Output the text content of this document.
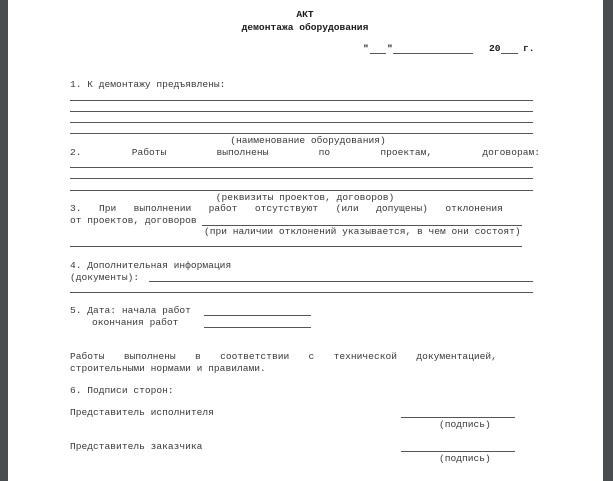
АКТ
демонтажа оборудования
" "	20 г.
1. К демонтажу предъявлены:
(наименование оборудования)
2.	Работы	выполнены	по	проектам,	договорам:
(реквизиты проектов, договоров)
3. При выполнении работ отсутствуют (или допущены) отклонения
от проектов, договоров
(при наличии отклонений указывается, в чем они состоят)
4. Дополнительная информация
(документы):
5. Дата: начала работ
окончания работ
Работы выполнены в соответствии с технической документацией,
строительными нормами и правилами.
6. Подписи сторон:
Представитель исполнителя
(подпись)
Представитель заказчика
(подпись)
